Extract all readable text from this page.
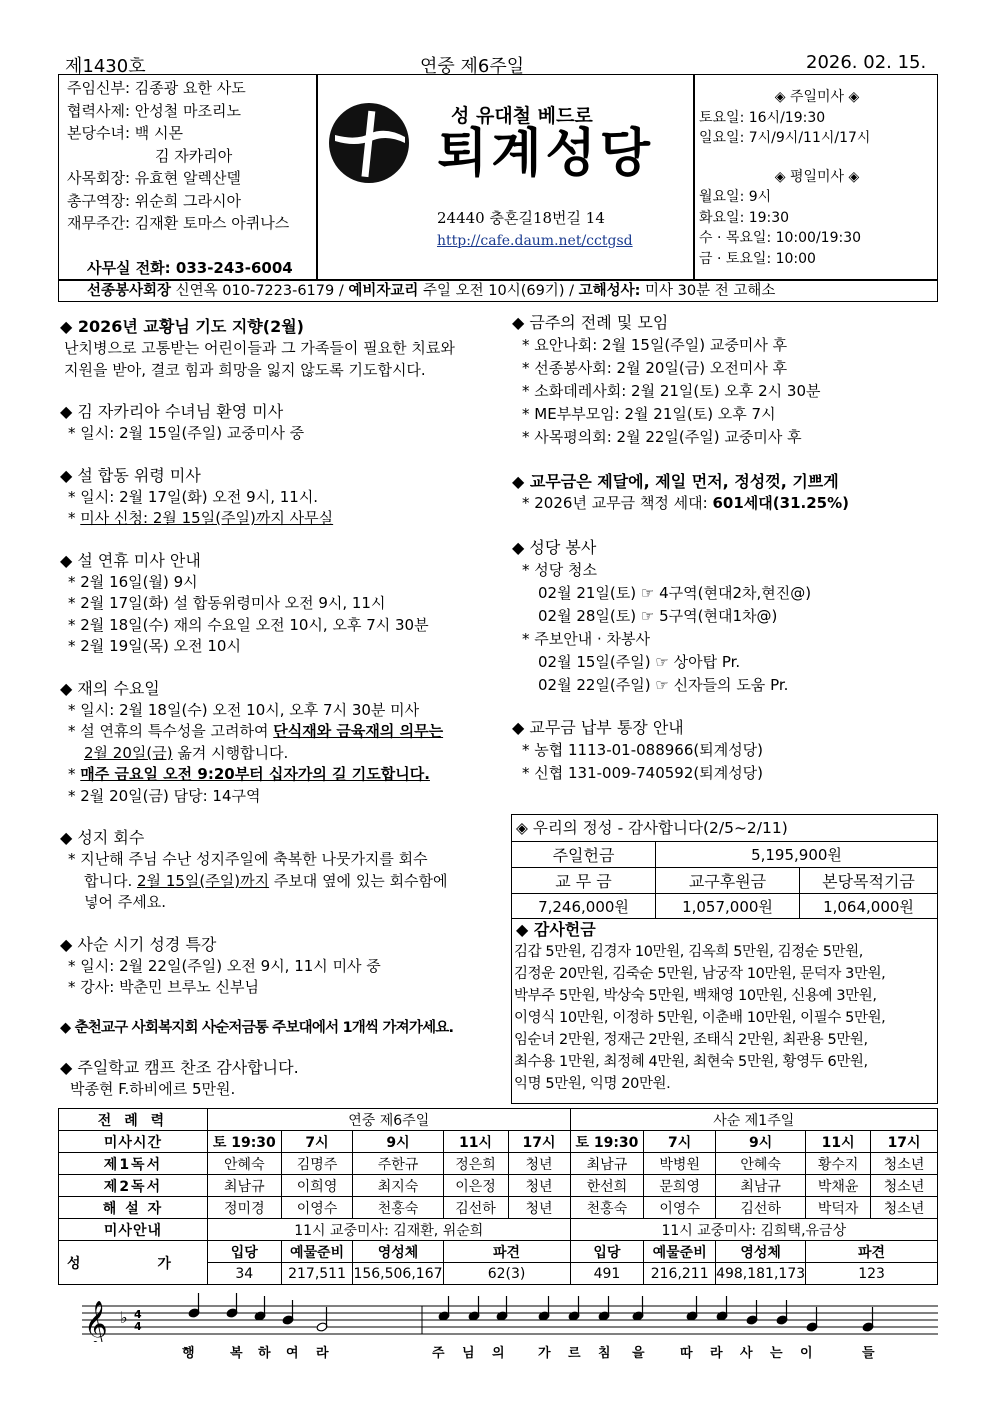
제1430호	연중 제6주일	2026. 02. 15.
주임신부: 김종광 요한 사도
협력사제: 안성철 마조리노
본당수녀: 백 시몬
김 자카리아
사목회장: 유효현 알렉산델
총구역장: 위순희 그라시아
재무주간: 김재환 토마스 아퀴나스
사무실 전화: 033-243-6004
성 유대철 베드로
퇴계성당
24440 충혼길18번길 14
http://cafe.daum.net/cctgsd
◈ 주일미사 ◈
토요일: 16시/19:30
일요일: 7시/9시/11시/17시
◈ 평일미사 ◈
월요일: 9시
화요일: 19:30
수 · 목요일: 10:00/19:30
금 · 토요일: 10:00
선종봉사회장 신연옥 010-7223-6179 / 예비자교리 주일 오전 10시(69기) / 고해성사: 미사 30분 전 고해소
◆ 2026년 교황님 기도 지향(2월)
난치병으로 고통받는 어린이들과 그 가족들이 필요한 치료와
지원을 받아, 결코 힘과 희망을 잃지 않도록 기도합시다.
◆ 김 자카리아 수녀님 환영 미사
* 일시: 2월 15일(주일) 교중미사 중
◆ 설 합동 위령 미사
* 일시: 2월 17일(화) 오전 9시, 11시.
* 미사 신청: 2월 15일(주일)까지 사무실
◆ 설 연휴 미사 안내
* 2월 16일(월) 9시
* 2월 17일(화) 설 합동위령미사 오전 9시, 11시
* 2월 18일(수) 재의 수요일 오전 10시, 오후 7시 30분
* 2월 19일(목) 오전 10시
◆ 재의 수요일
* 일시: 2월 18일(수) 오전 10시, 오후 7시 30분 미사
* 설 연휴의 특수성을 고려하여 단식재와 금육재의 의무는
2월 20일(금) 옮겨 시행합니다.
* 매주 금요일 오전 9:20부터 십자가의 길 기도합니다.
* 2월 20일(금) 담당: 14구역
◆ 성지 회수
* 지난해 주님 수난 성지주일에 축복한 나뭇가지를 회수
합니다. 2월 15일(주일)까지 주보대 옆에 있는 회수함에
넣어 주세요.
◆ 사순 시기 성경 특강
* 일시: 2월 22일(주일) 오전 9시, 11시 미사 중
* 강사: 박춘민 브루노 신부님
◆ 춘천교구 사회복지회 사순저금통 주보대에서 1개씩 가져가세요.
◆ 주일학교 캠프 찬조 감사합니다.
박종현 F.하비에르 5만원.
◆ 금주의 전례 및 모임
* 요안나회: 2월 15일(주일) 교중미사 후
* 선종봉사회: 2월 20일(금) 오전미사 후
* 소화데레사회: 2월 21일(토) 오후 2시 30분
* ME부부모임: 2월 21일(토) 오후 7시
* 사목평의회: 2월 22일(주일) 교중미사 후
◆ 교무금은 제달에, 제일 먼저, 정성껏, 기쁘게
* 2026년 교무금 책정 세대: 601세대(31.25%)
◆ 성당 봉사
* 성당 청소
02월 21일(토) ☞ 4구역(현대2차,현진@)
02월 28일(토) ☞ 5구역(현대1차@)
* 주보안내 · 차봉사
02월 15일(주일) ☞ 상아탑 Pr.
02월 22일(주일) ☞ 신자들의 도움 Pr.
◆ 교무금 납부 통장 안내
* 농협 1113-01-088966(퇴계성당)
* 신협 131-009-740592(퇴계성당)
◈ 우리의 정성 - 감사합니다(2/5~2/11)
주일헌금	5,195,900원	
교 무 금	교구후원금	본당목적기금
7,246,000원	1,057,000원	1,064,000원
◆ 감사헌금
김갑 5만원, 김경자 10만원, 김옥희 5만원, 김정순 5만원,
김정운 20만원, 김죽순 5만원, 남궁작 10만원, 문덕자 3만원,
박부주 5만원, 박상숙 5만원, 백채영 10만원, 신용예 3만원,
이영식 10만원, 이정하 5만원, 이춘배 10만원, 이필수 5만원,
임순녀 2만원, 정재근 2만원, 조태식 2만원, 최관용 5만원,
최수용 1만원, 최정혜 4만원, 최현숙 5만원, 황영두 6만원,
익명 5만원, 익명 20만원.
전 례 력	연중 제6주일					사순 제1주일				
미사시간	토 19:30	7시	9시	11시	17시	토 19:30	7시	9시	11시	17시
제1독서	안혜숙	김명주	주한규	정은희	청년	최남규	박병원	안혜숙	황수지	청소년
제2독서	최남규	이희영	최지숙	이은정	청년	한선희	문희영	최남규	박채윤	청소년
해 설 자	정미경	이영수	천홍숙	김선하	청년	천홍숙	이영수	김선하	박덕자	청소년
미사안내	11시 교중미사: 김재환, 위순희					11시 교중미사: 김희택,유금상				
성 가	입당	예물준비	영성체	파견		입당	예물준비	영성체	파견	
	34	217,511	156,506,167	62(3)		491	216,211	498,181,173	123	
𝄞 ♭ 4
4
행	복 하 여 라	주 님 의	가 르 침 을	따 라 사 는 이	들
